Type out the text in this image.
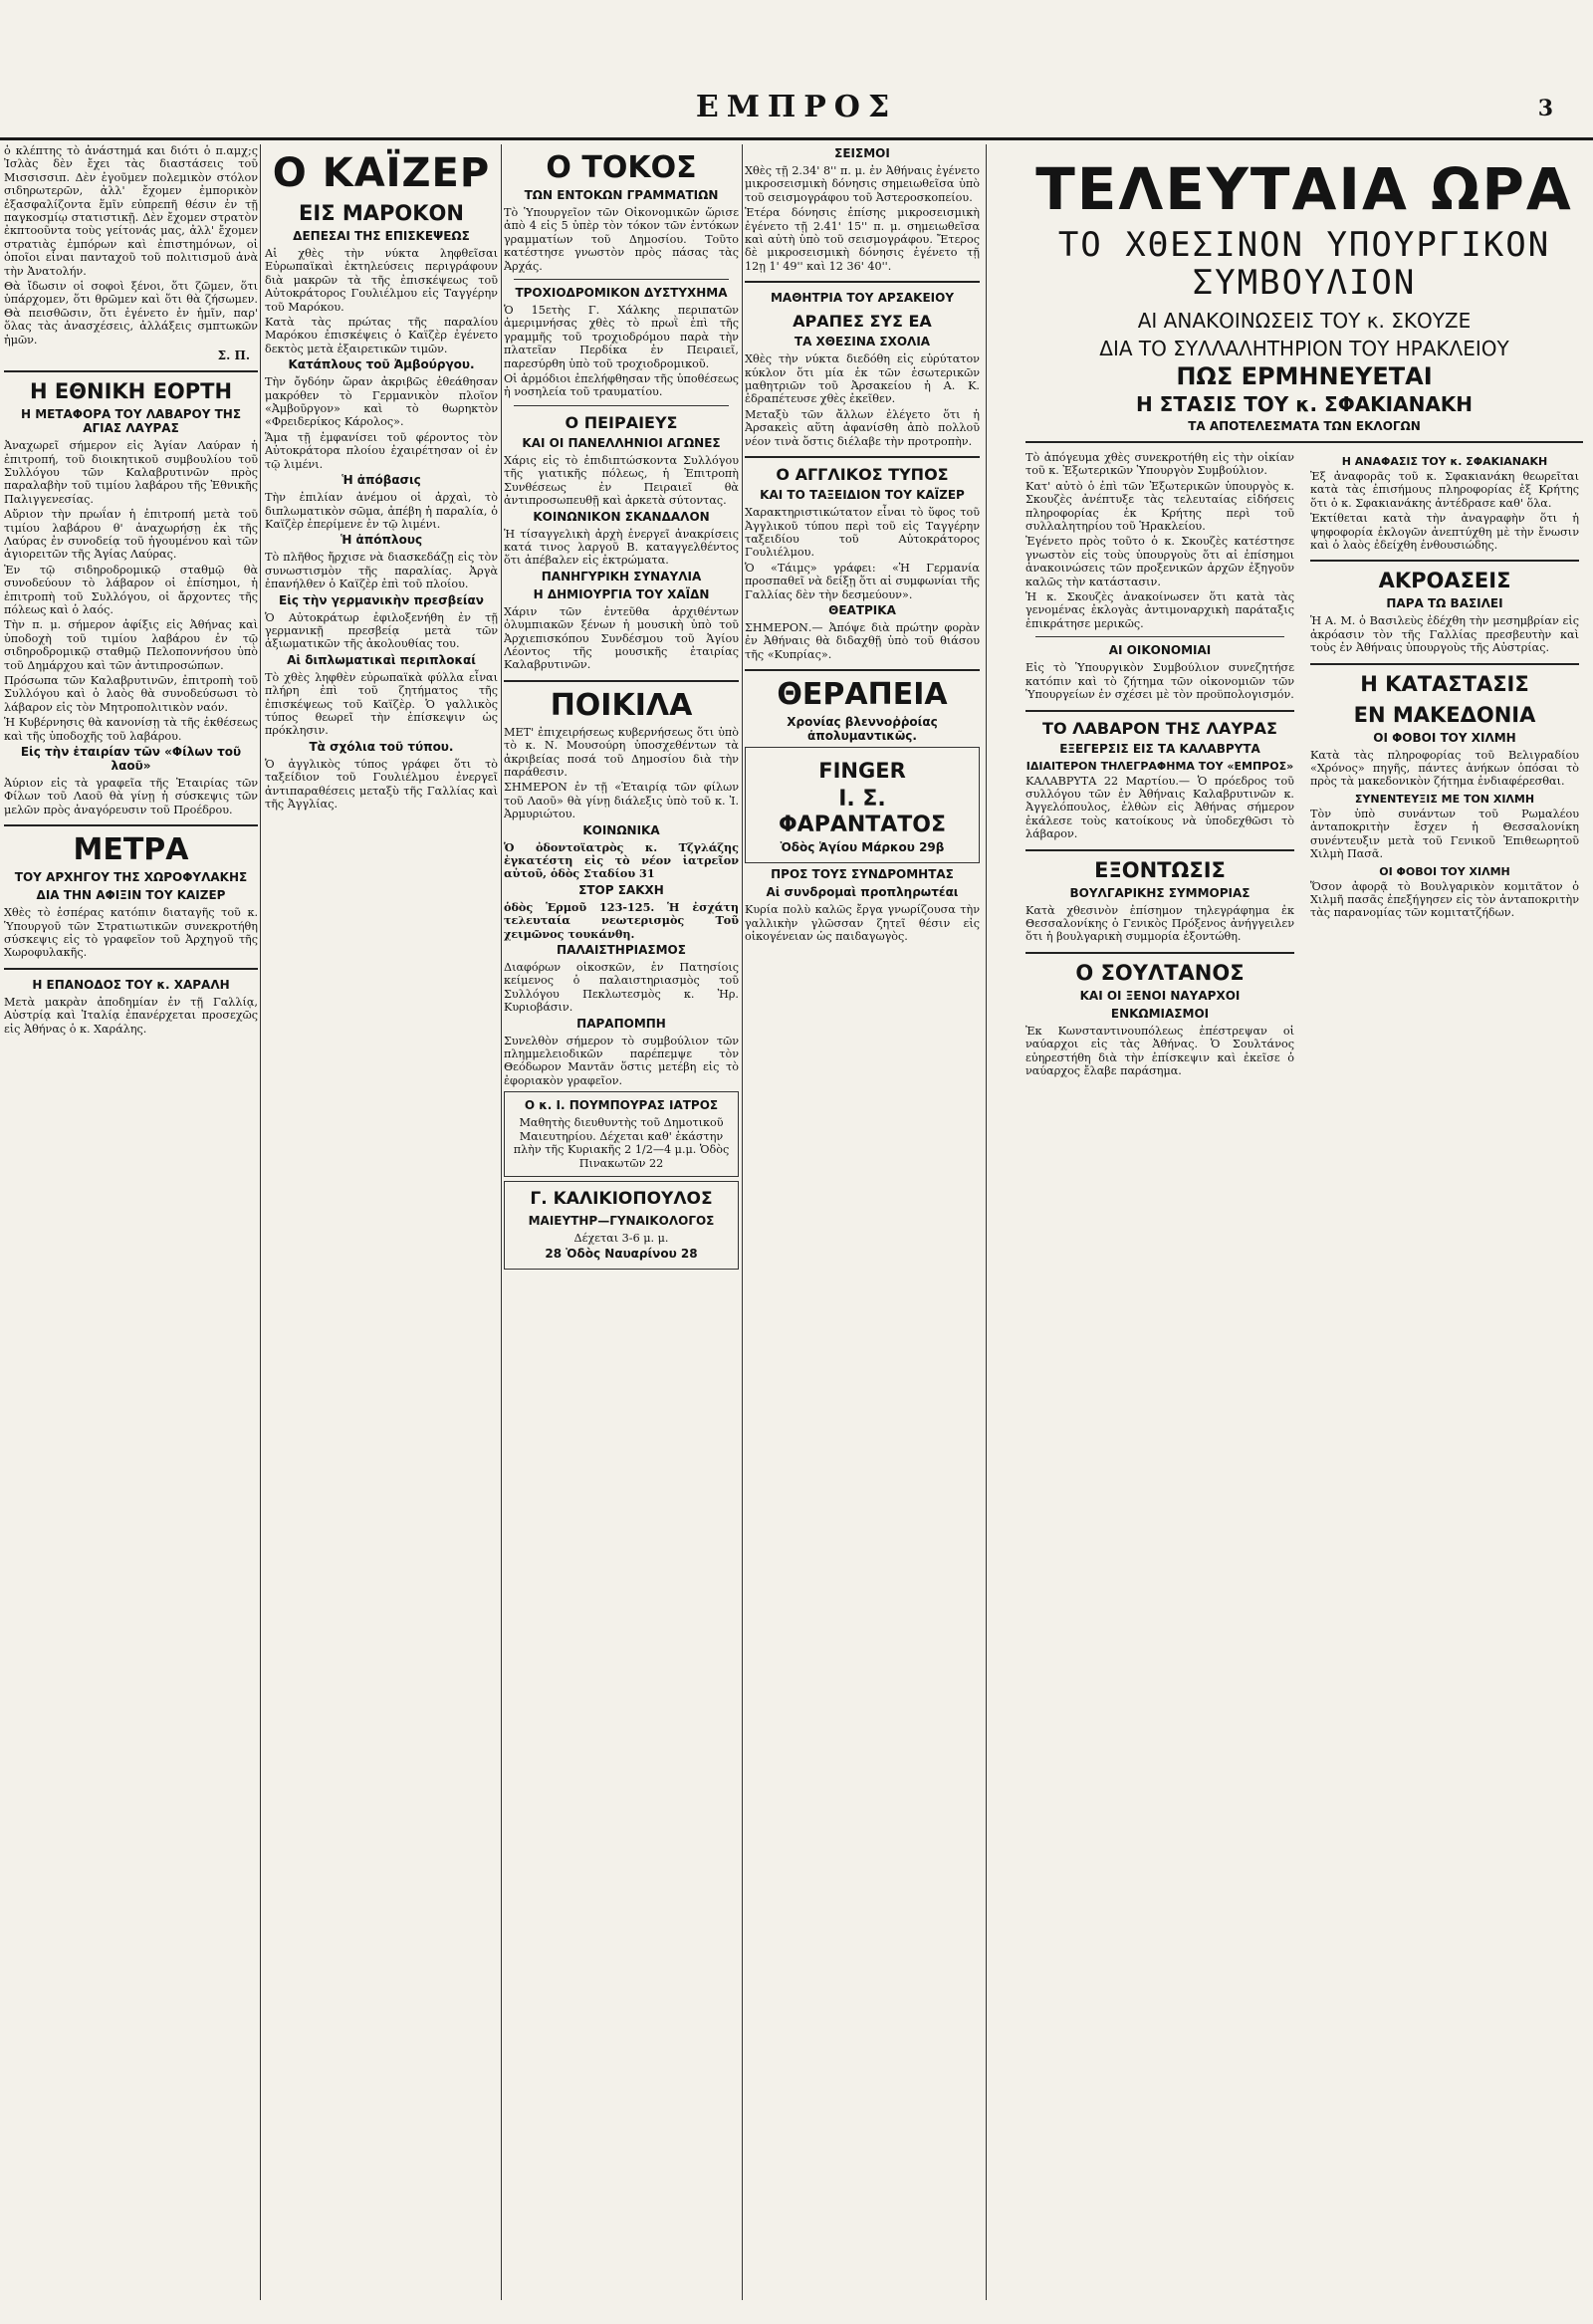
ΕΜΠΡΟΣ	3

ὁ κλέπτης τὸ ἀνάστημά και διότι ὁ π.αμχ;ς Ἰσλὰς δὲν ἔχει τὰς διαστάσεις τοῦ Μισσισσιπ. Δὲν ἐγοῦμεν πολεμικὸν στόλον σιδηρωτερῶν, ἀλλ' ἔχομεν ἐμπορικὸν ἐξασφαλίζοντα ἕμῖν εὐπρεπῆ θέσιν ἐν τῇ παγκοσμίῳ στατιστικῇ. Δὲν ἔχομεν στρατὸν ἐκπτοοῦντα τοὺς γείτονάς μας, ἀλλ' ἔχομεν στρατιὰς ἐμπόρων καὶ ἐπιστημόνων, οἱ ὁποῖοι εἶναι πανταχοῦ τοῦ πολιτισμοῦ ἀνὰ τὴν Ἀνατολήν.

Θὰ ἴδωσιν οἱ σοφοὶ ξένοι, ὅτι ζῶμεν, ὅτι ὑπάρχομεν, ὅτι θρῶμεν καὶ ὅτι θὰ ζήσωμεν. Θὰ πεισθῶσιν, ὅτι ἐγένετο ἐν ἡμῖν, παρ' ὅλας τὰς ἀνασχέσεις, ἀλλάξεις σμπτωκῶν ἡμῶν.

Σ. Π.
Η ΕΘΝΙΚΗ ΕΟΡΤΗ
Η ΜΕΤΑΦΟΡΑ ΤΟΥ ΛΑΒΑΡΟΥ ΤΗΣ ΑΓΙΑΣ ΛΑΥΡΑΣ

Ἀναχωρεῖ σήμερον εἰς Ἁγίαν Λαύραν ἡ ἐπιτροπή, τοῦ διοικητικοῦ συμβουλίου τοῦ Συλλόγου τῶν Καλαβρυτινῶν πρὸς παραλαβὴν τοῦ τιμίου λαβάρου τῆς Ἐθνικῆς Παλιγγενεσίας.

Αὔριον τὴν πρωΐαν ἡ ἐπιτροπή μετὰ τοῦ τιμίου λαβάρου θ' ἀναχωρήσῃ ἐκ τῆς Λαύρας ἐν συνοδείᾳ τοῦ ἡγουμένου καὶ τῶν ἁγιορειτῶν τῆς Ἁγίας Λαύρας.

Ἐν τῷ σιδηροδρομικῷ σταθμῷ θὰ συνοδεύουν τὸ λάβαρον οἱ ἐπίσημοι, ἡ ἐπιτροπὴ τοῦ Συλλόγου, οἱ ἄρχοντες τῆς πόλεως καὶ ὁ λαός.

Τὴν π. μ. σήμερον ἀφίξις εἰς Ἀθήνας καὶ ὑποδοχὴ τοῦ τιμίου λαβάρου ἐν τῷ σιδηροδρομικῷ σταθμῷ Πελοποννήσου ὑπὸ τοῦ Δημάρχου καὶ τῶν ἀντιπροσώπων.

Πρόσωπα τῶν Καλαβρυτινῶν, ἐπιτροπὴ τοῦ Συλλόγου καὶ ὁ λαὸς θὰ συνοδεύσωσι τὸ λάβαρον εἰς τὸν Μητροπολιτικὸν ναόν.

Ἡ Κυβέρνησις θὰ κανονίσῃ τὰ τῆς ἐκθέσεως καὶ τῆς ὑποδοχῆς τοῦ λαβάρου.

Εἰς τὴν ἑταιρίαν τῶν «Φίλων τοῦ λαοῦ»

Ἀύριον εἰς τὰ γραφεῖα τῆς Ἑταιρίας τῶν Φίλων τοῦ Λαοῦ θὰ γίνῃ ἡ σύσκεψις τῶν μελῶν πρὸς ἀναγόρευσιν τοῦ Προέδρου.

ΜΕΤΡΑ
ΤΟΥ ΑΡΧΗΓΟΥ ΤΗΣ ΧΩΡΟΦΥΛΑΚΗΣ
ΔΙΑ ΤΗΝ ΑΦΙΞΙΝ ΤΟΥ ΚΑΙΖΕΡ

Χθὲς τὸ ἑσπέρας κατόπιν διαταγῆς τοῦ κ. Ὑπουργοῦ τῶν Στρατιωτικῶν συνεκροτήθη σύσκεψις εἰς τὸ γραφεῖον τοῦ Ἀρχηγοῦ τῆς Χωροφυλακῆς.

Η ΕΠΑΝΟΔΟΣ ΤΟΥ κ. ΧΑΡΑΛΗ

Μετὰ μακρὰν ἀποδημίαν ἐν τῇ Γαλλίᾳ, Αὐστρίᾳ καὶ Ἰταλίᾳ ἐπανέρχεται προσεχῶς εἰς Ἀθήνας ὁ κ. Χαράλης.

Ο ΚΑΪΖΕΡ
ΕΙΣ ΜΑΡΟΚΟΝ
ΔΕΠΕΣΑΙ ΤΗΣ ΕΠΙΣΚΕΨΕΩΣ

Αἱ χθὲς τὴν νύκτα ληφθεῖσαι Εὐρωπαϊκαὶ ἐκτηλεύσεις περιγράφουν διὰ μακρῶν τὰ τῆς ἐπισκέψεως τοῦ Αὐτοκράτορος Γουλιέλμου εἰς Ταγγέρην τοῦ Μαρόκου.

Κατὰ τὰς πρώτας τῆς παραλίου Μαρόκου ἐπισκέψεις ὁ Καϊζὲρ ἐγένετο δεκτὸς μετὰ ἐξαιρετικῶν τιμῶν.

Κατάπλους τοῦ Ἀμβούργου.

Τὴν ὄγδόην ὥραν ἀκριβῶς ἐθεάθησαν μακρόθεν τὸ Γερμανικὸν πλοῖον «Ἀμβοῦργον» καὶ τὸ θωρηκτὸν «Φρειδερίκος Κάρολος».

Ἅμα τῇ ἐμφανίσει τοῦ φέροντος τὸν Αὐτοκράτορα πλοίου ἐχαιρέτησαν οἱ ἐν τῷ λιμένι.

Ἡ ἀπόβασις

Τὴν ἐπιλίαν ἀνέμου οἱ ἀρχαὶ, τὸ διπλωματικὸν σῶμα, ἀπέβη ἡ παραλία, ὁ Καϊζὲρ ἐπερίμενε ἐν τῷ λιμένι.

Ἡ ἀπόπλους

Τὸ πλῆθος ἤρχισε νὰ διασκεδάζῃ εἰς τὸν συνωστισμὸν τῆς παραλίας. Ἀργὰ ἐπανήλθεν ὁ Καϊζὲρ ἐπὶ τοῦ πλοίου.

Εἰς τὴν γερμανικὴν πρεσβείαν

Ὁ Αὐτοκράτωρ ἐφιλοξενήθη ἐν τῇ γερμανικῇ πρεσβείᾳ μετὰ τῶν ἀξιωματικῶν τῆς ἀκολουθίας του.

Αἱ διπλωματικαὶ περιπλοκαί

Τὸ χθὲς ληφθὲν εὐρωπαϊκὰ φύλλα εἶναι πλήρη ἐπὶ τοῦ ζητήματος τῆς ἐπισκέψεως τοῦ Καϊζὲρ. Ὁ γαλλικὸς τύπος θεωρεῖ τὴν ἐπίσκεψιν ὡς πρόκλησιν.

Τὰ σχόλια τοῦ τύπου.

Ὁ ἀγγλικὸς τύπος γράφει ὅτι τὸ ταξείδιον τοῦ Γουλιέλμου ἐνεργεῖ ἀντιπαραθέσεις μεταξὺ τῆς Γαλλίας καὶ τῆς Ἀγγλίας.

Ο ΤΟΚΟΣ
ΤΩΝ ΕΝΤΟΚΩΝ ΓΡΑΜΜΑΤΙΩΝ

Τὸ Ὑπουργεῖον τῶν Οἰκονομικῶν ὥρισε ἀπὸ 4 εἰς 5 ὑπὲρ τὸν τόκον τῶν ἐντόκων γραμματίων τοῦ Δημοσίου. Τοῦτο κατέστησε γνωστὸν πρὸς πάσας τὰς Ἀρχάς.

ΤΡΟΧΙΟΔΡΟΜΙΚΟΝ ΔΥΣΤΥΧΗΜΑ

Ὁ 15ετὴς Γ. Χάλκης περιπατῶν ἀμεριμνήσας χθὲς τὸ πρωῒ ἐπὶ τῆς γραμμῆς τοῦ τροχιοδρόμου παρὰ τὴν πλατεῖαν Περδίκα ἐν Πειραιεῖ, παρεσύρθη ὑπὸ τοῦ τροχιοδρομικοῦ.

Οἱ ἀρμόδιοι ἐπελήφθησαν τῆς ὑποθέσεως ἡ νοσηλεία τοῦ τραυματίου.

Ο ΠΕΙΡΑΙΕΥΣ
ΚΑΙ ΟΙ ΠΑΝΕΛΛΗΝΙΟΙ ΑΓΩΝΕΣ

Χάρις εἰς τὸ ἐπιδιπτώσκοντα Συλλόγου τῆς γιατικῆς πόλεως, ἡ Ἑπιτροπὴ Συνθέσεως ἐν Πειραιεῖ θὰ ἀντιπροσωπευθῇ καὶ ἀρκετὰ σύτοντας.

ΚΟΙΝΩΝΙΚΟΝ ΣΚΑΝΔΑΛΟΝ

Ἡ τίσαγγελικὴ ἀρχὴ ἐνεργεῖ ἀνακρίσεις κατά τινος λαργοῦ Β. καταγγελθέντος ὅτι ἀπέβαλεν εἰς ἐκτρώματα.

ΠΑΝΗΓΥΡΙΚΗ ΣΥΝΑΥΛΙΑ
Η ΔΗΜΙΟΥΡΓΙΑ ΤΟΥ ΧΑΪΔΝ

Χάριν τῶν ἐντεῦθα ἀρχιθέντων ὀλυμπιακῶν ξένων ἡ μουσικὴ ὑπὸ τοῦ Ἀρχιεπισκόπου Συνδέσμου τοῦ Ἁγίου Λέοντος τῆς μουσικῆς ἐταιρίας Καλαβρυτινῶν.

ΠΟΙΚΙΛΑ

ΜΕΤ' ἐπιχειρήσεως κυβερνήσεως ὅτι ὑπὸ τὸ κ. Ν. Μουσούρη ὑποσχεθέντων τὰ ἀκριβείας ποσά τοῦ Δημοσίου διὰ τὴν παράθεσιν.

ΣΗΜΕΡΟΝ ἐν τῇ «Ἑταιρίᾳ τῶν φίλων τοῦ Λαοῦ» θὰ γίνῃ διάλεξις ὑπὸ τοῦ κ. Ἰ. Ἀρμυριώτου.

ΚΟΙΝΩΝΙΚΑ

Ὁ ὀδοντοϊατρὸς κ. Τζγλάζης ἐγκατέστη εἰς τὸ νέον ἰατρεῖον αὐτοῦ, ὁδὸς Σταδίου 31

ΣΤΟΡ ΣΑΚΧΗ

ὁδὸς Ἑρμοῦ 123-125. Ἡ ἐσχάτη τελευταία νεωτερισμὸς Τοῦ χειμῶνος τουκάνθη.

ΠΑΛΑΙΣΤΗΡΙΑΣΜΟΣ

Διαφόρων οἰκοσκῶν, ἐν Πατησίοις κείμενος ὁ παλαιστηριασμὸς τοῦ Συλλόγου Πεκλωτεσμὸς κ. Ἠρ. Κυριοβάσιν.

ΠΑΡΑΠΟΜΠΗ

Συνελθὸν σήμερον τὸ συμβούλιον τῶν πλημμελειοδικῶν παρέπεμψε τὸν Θεόδωρον Μαντᾶν ὅστις μετέβη εἰς τὸ ἐφοριακὸν γραφεῖον.

Ο κ. Ι. ΠΟΥΜΠΟΥΡΑΣ ΙΑΤΡΟΣ

Μαθητὴς διευθυντὴς τοῦ Δημοτικοῦ Μαιευτηρίου. Δέχεται καθ' ἑκάστην πλὴν τῆς Κυριακῆς 2 1/2—4 μ.μ. Ὁδὸς Πινακωτῶν 22

Γ. ΚΑΛΙΚΙΟΠΟΥΛΟΣ
ΜΑΙΕΥΤΗΡ—ΓΥΝΑΙΚΟΛΟΓΟΣ

Δέχεται 3-6 μ. μ.

28 Ὁδὸς Ναυαρίνου 28
ΣΕΙΣΜΟΙ

Χθὲς τῇ 2.34' 8'' π. μ. ἐν Ἀθήναις ἐγένετο μικροσεισμικὴ δόνησις σημειωθεῖσα ὑπὸ τοῦ σεισμογράφου τοῦ Ἀστεροσκοπείου.

Ἑτέρα δόνησις ἐπίσης μικροσεισμικὴ ἐγένετο τῇ 2.41' 15'' π. μ. σημειωθεῖσα καὶ αὐτὴ ὑπὸ τοῦ σεισμογράφου. Ἔτερος δὲ μικροσεισμικὴ δόνησις ἐγένετο τῇ 12ῃ 1' 49'' καὶ 12 36' 40''.

ΜΑΘΗΤΡΙΑ ΤΟΥ ΑΡΣΑΚΕΙΟΥ
ΑΡΑΠΕΣ ΣΥΣ ΕΑ
ΤΑ ΧΘΕΣΙΝΑ ΣΧΟΛΙΑ

Χθὲς τὴν νύκτα διεδόθη εἰς εὐρύτατον κύκλον ὅτι μία ἐκ τῶν ἐσωτερικῶν μαθητριῶν τοῦ Ἀρσακείου ἡ Α. Κ. ἐδραπέτευσε χθὲς ἐκεῖθεν.

Μεταξὺ τῶν ἄλλων ἐλέγετο ὅτι ἡ Ἀρσακεὶς αὕτη ἀφανίσθη ἀπὸ πολλοῦ νέον τινὰ ὅστις διέλαβε τὴν προτροπὴν.

Ο ΑΓΓΛΙΚΟΣ ΤΥΠΟΣ
ΚΑΙ ΤΟ ΤΑΞΕΙΔΙΟΝ ΤΟΥ ΚΑΪΖΕΡ

Χαρακτηριστικώτατον εἶναι τὸ ὕφος τοῦ Ἀγγλικοῦ τύπου περὶ τοῦ εἰς Ταγγέρην ταξειδίου τοῦ Αὐτοκράτορος Γουλιέλμου.

Ὁ «Τάιμς» γράφει: «Ἡ Γερμανία προσπαθεῖ νὰ δείξῃ ὅτι αἱ συμφωνίαι τῆς Γαλλίας δὲν τὴν δεσμεύουν».

ΘΕΑΤΡΙΚΑ

ΣΗΜΕΡΟΝ.— Ἀπόψε διὰ πρώτην φορὰν ἐν Ἀθήναις θὰ διδαχθῇ ὑπὸ τοῦ θιάσου τῆς «Κυπρίας».

ΘΕΡΑΠΕΙΑ
Χρονίας βλεννοῤῥοίας ἀπολυμαντικῶς.
FINGER
Ι. Σ. ΦΑΡΑΝΤΑΤΟΣ
Ὁδὸς Ἁγίου Μάρκου 29β
ΠΡΟΣ ΤΟΥΣ ΣΥΝΔΡΟΜΗΤΑΣ
Αἱ συνδρομαὶ προπληρωτέαι

Κυρία πολὺ καλῶς ἔργα γνωρίζουσα τὴν γαλλικὴν γλῶσσαν ζητεῖ θέσιν εἰς οἰκογένειαν ὡς παιδαγωγὸς.

ΤΕΛΕΥΤΑΙΑ ΩΡΑ
ΤΟ ΧΘΕΣΙΝΟΝ ΥΠΟΥΡΓΙΚΟΝ ΣΥΜΒΟΥΛΙΟΝ
ΑΙ ΑΝΑΚΟΙΝΩΣΕΙΣ ΤΟΥ κ. ΣΚΟΥΖΕ
ΔΙΑ ΤΟ ΣΥΛΛΑΛΗΤΗΡΙΟΝ ΤΟΥ ΗΡΑΚΛΕΙΟΥ
ΠΩΣ ΕΡΜΗΝΕΥΕΤΑΙ
Η ΣΤΑΣΙΣ ΤΟΥ κ. ΣΦΑΚΙΑΝΑΚΗ
ΤΑ ΑΠΟΤΕΛΕΣΜΑΤΑ ΤΩΝ ΕΚΛΟΓΩΝ

Τὸ ἀπόγευμα χθὲς συνεκροτήθη εἰς τὴν οἰκίαν τοῦ κ. Ἐξωτερικῶν Ὑπουργὸν Συμβούλιον.

Κατ' αὐτὸ ὁ ἐπὶ τῶν Ἐξωτερικῶν ὑπουργὸς κ. Σκουζὲς ἀνέπτυξε τὰς τελευταίας εἰδήσεις πληροφορίας ἐκ Κρήτης περὶ τοῦ συλλαλητηρίου τοῦ Ἡρακλείου.

Ἐγένετο πρὸς τοῦτο ὁ κ. Σκουζὲς κατέστησε γνωστὸν εἰς τοὺς ὑπουργοὺς ὅτι αἱ ἐπίσημοι ἀνακοινώσεις τῶν προξενικῶν ἀρχῶν ἐξηγοῦν καλῶς τὴν κατάστασιν.

Ἡ κ. Σκουζὲς ἀνακοίνωσεν ὅτι κατὰ τὰς γενομένας ἐκλογὰς ἀντιμοναρχικὴ παράταξις ἐπικράτησε μερικῶς.

ΑΙ ΟΙΚΟΝΟΜΙΑΙ

Εἰς τὸ Ὑπουργικὸν Συμβούλιον συνεζητήσε κατόπιν καὶ τὸ ζήτημα τῶν οἰκονομιῶν τῶν Ὑπουργείων ἐν σχέσει μὲ τὸν προϋπολογισμόν.

ΤΟ ΛΑΒΑΡΟΝ ΤΗΣ ΛΑΥΡΑΣ
ΕΞΕΓΕΡΣΙΣ ΕΙΣ ΤΑ ΚΑΛΑΒΡΥΤΑ
ΙΔΙΑΙΤΕΡΟΝ ΤΗΛΕΓΡΑΦΗΜΑ ΤΟΥ «ΕΜΠΡΟΣ»

ΚΑΛΑΒΡΥΤΑ 22 Μαρτίου.— Ὁ πρόεδρος τοῦ συλλόγου τῶν ἐν Ἀθήναις Καλαβρυτινῶν κ. Ἀγγελόπουλος, ἐλθὼν εἰς Ἀθήνας σήμερον ἐκάλεσε τοὺς κατοίκους νὰ ὑποδεχθῶσι τὸ λάβαρον.

ΕΞΟΝΤΩΣΙΣ
ΒΟΥΛΓΑΡΙΚΗΣ ΣΥΜΜΟΡΙΑΣ

Κατὰ χθεσινὸν ἐπίσημον τηλεγράφημα ἐκ Θεσσαλονίκης ὁ Γενικὸς Πρόξενος ἀνήγγειλεν ὅτι ἡ βουλγαρικὴ συμμορία ἐξοντώθη.

Ο ΣΟΥΛΤΑΝΟΣ
ΚΑΙ ΟΙ ΞΕΝΟΙ ΝΑΥΑΡΧΟΙ
ΕΝΚΩΜΙΑΣΜΟΙ

Ἐκ Κωνσταντινουπόλεως ἐπέστρεψαν οἱ ναύαρχοι εἰς τὰς Ἀθήνας. Ὁ Σουλτάνος εὐηρεστήθη διὰ τὴν ἐπίσκεψιν καὶ ἐκεῖσε ὁ ναύαρχος ἔλαβε παράσημα.

Η ΑΝΑΦΑΣΙΣ ΤΟΥ κ. ΣΦΑΚΙΑΝΑΚΗ

Ἐξ ἀναφορᾶς τοῦ κ. Σφακιανάκη θεωρεῖται κατὰ τὰς ἐπισήμους πληροφορίας ἐξ Κρήτης ὅτι ὁ κ. Σφακιανάκης ἀντέδρασε καθ' ὅλα.

Ἐκτίθεται κατὰ τὴν ἀναγραφὴν ὅτι ἡ ψηφοφορία ἐκλογῶν ἀνεπτύχθη μὲ τὴν ἔνωσιν καὶ ὁ λαὸς ἐδείχθη ἐνθουσιώδης.

ΑΚΡΟΑΣΕΙΣ
ΠΑΡΑ ΤΩ ΒΑΣΙΛΕΙ

Ἡ Α. Μ. ὁ Βασιλεὺς ἐδέχθη τὴν μεσημβρίαν εἰς ἀκρόασιν τὸν τῆς Γαλλίας πρεσβευτὴν καὶ τοὺς ἐν Ἀθήναις ὑπουργοὺς τῆς Αὐστρίας.

Η ΚΑΤΑΣΤΑΣΙΣ
ΕΝ ΜΑΚΕΔΟΝΙΑ
ΟΙ ΦΟΒΟΙ ΤΟΥ ΧΙΛΜΗ

Κατὰ τὰς πληροφορίας τοῦ Βελιγραδίου «Χρόνος» πηγῆς, πάντες ἀνήκων ὁπόσαι τὸ πρὸς τὰ μακεδονικὸν ζήτημα ἐνδιαφέρεσθαι.

ΣΥΝΕΝΤΕΥΞΙΣ ΜΕ ΤΟΝ ΧΙΛΜΗ

Τὸν ὑπὸ συνάντων τοῦ Ρωμαλέου ἀνταποκριτὴν ἔσχεν ἡ Θεσσαλονίκη συνέντευξιν μετὰ τοῦ Γενικοῦ Ἐπιθεωρητοῦ Χιλμὴ Πασᾶ.

ΟΙ ΦΟΒΟΙ ΤΟΥ ΧΙΛΜΗ

Ὅσον ἀφορᾷ τὸ Βουλγαρικὸν κομιτᾶτον ὁ Χιλμῆ πασᾶς ἐπεξήγησεν εἰς τὸν ἀνταποκριτὴν τὰς παρανομίας τῶν κομιτατζήδων.
